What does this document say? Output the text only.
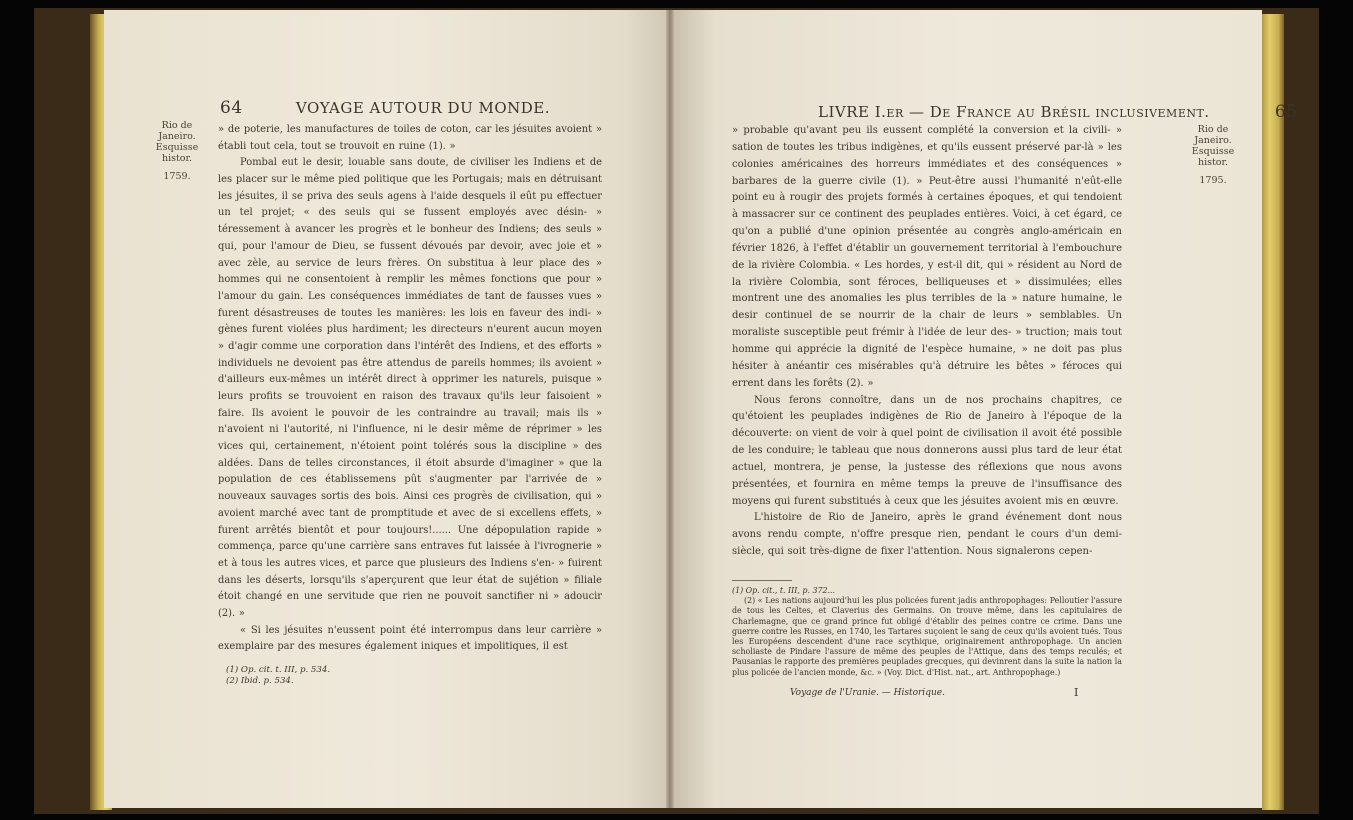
64	VOYAGE AUTOUR DU MONDE.
Rio de Janeiro.
Esquisse histor.
1759.

» de poterie, les manufactures de toiles de coton, car les jésuites avoient » établi tout cela, tout se trouvoit en ruine (1). »

Pombal eut le desir, louable sans doute, de civiliser les Indiens et de les placer sur le même pied politique que les Portugais; mais en détruisant les jésuites, il se priva des seuls agens à l'aide desquels il eût pu effectuer un tel projet; « des seuls qui se fussent employés avec désin- » téressement à avancer les progrès et le bonheur des Indiens; des seuls » qui, pour l'amour de Dieu, se fussent dévoués par devoir, avec joie et » avec zèle, au service de leurs frères. On substitua à leur place des » hommes qui ne consentoient à remplir les mêmes fonctions que pour » l'amour du gain. Les conséquences immédiates de tant de fausses vues » furent désastreuses de toutes les manières: les lois en faveur des indi- » gènes furent violées plus hardiment; les directeurs n'eurent aucun moyen » d'agir comme une corporation dans l'intérêt des Indiens, et des efforts » individuels ne devoient pas être attendus de pareils hommes; ils avoient » d'ailleurs eux-mêmes un intérêt direct à opprimer les naturels, puisque » leurs profits se trouvoient en raison des travaux qu'ils leur faisoient » faire. Ils avoient le pouvoir de les contraindre au travail; mais ils » n'avoient ni l'autorité, ni l'influence, ni le desir même de réprimer » les vices qui, certainement, n'étoient point tolérés sous la discipline » des aldées. Dans de telles circonstances, il étoit absurde d'imaginer » que la population de ces établissemens pût s'augmenter par l'arrivée de » nouveaux sauvages sortis des bois. Ainsi ces progrès de civilisation, qui » avoient marché avec tant de promptitude et avec de si excellens effets, » furent arrêtés bientôt et pour toujours!...... Une dépopulation rapide » commença, parce qu'une carrière sans entraves fut laissée à l'ivrognerie » et à tous les autres vices, et parce que plusieurs des Indiens s'en- » fuirent dans les déserts, lorsqu'ils s'aperçurent que leur état de sujétion » filiale étoit changé en une servitude que rien ne pouvoit sanctifier ni » adoucir (2). »

« Si les jésuites n'eussent point été interrompus dans leur carrière » exemplaire par des mesures également iniques et impolitiques, il est

(1) Op. cit. t. III, p. 534.

(2) Ibid. p. 534.

LIVRE I.er — De France au Brésil inclusivement.	65
Rio de Janeiro.
Esquisse histor.
1795.

» probable qu'avant peu ils eussent complété la conversion et la civili- » sation de toutes les tribus indigènes, et qu'ils eussent préservé par-là » les colonies américaines des horreurs immédiates et des conséquences » barbares de la guerre civile (1). » Peut-être aussi l'humanité n'eût-elle point eu à rougir des projets formés à certaines époques, et qui tendoient à massacrer sur ce continent des peuplades entières. Voici, à cet égard, ce qu'on a publié d'une opinion présentée au congrès anglo-américain en février 1826, à l'effet d'établir un gouvernement territorial à l'embouchure de la rivière Colombia. « Les hordes, y est-il dit, qui » résident au Nord de la rivière Colombia, sont féroces, belliqueuses et » dissimulées; elles montrent une des anomalies les plus terribles de la » nature humaine, le desir continuel de se nourrir de la chair de leurs » semblables. Un moraliste susceptible peut frémir à l'idée de leur des- » truction; mais tout homme qui apprécie la dignité de l'espèce humaine, » ne doit pas plus hésiter à anéantir ces misérables qu'à détruire les bêtes » féroces qui errent dans les forêts (2). »

Nous ferons connoître, dans un de nos prochains chapitres, ce qu'étoient les peuplades indigènes de Rio de Janeiro à l'époque de la découverte: on vient de voir à quel point de civilisation il avoit été possible de les conduire; le tableau que nous donnerons aussi plus tard de leur état actuel, montrera, je pense, la justesse des réflexions que nous avons présentées, et fournira en même temps la preuve de l'insuffisance des moyens qui furent substitués à ceux que les jésuites avoient mis en œuvre.

L'histoire de Rio de Janeiro, après le grand événement dont nous avons rendu compte, n'offre presque rien, pendant le cours d'un demi-siècle, qui soit très-digne de fixer l'attention. Nous signalerons cepen-

(1) Op. cit., t. III, p. 372...

(2) « Les nations aujourd'hui les plus policées furent jadis anthropophages: Pelloutier l'assure de tous les Celtes, et Claverius des Germains. On trouve même, dans les capitulaires de Charlemagne, que ce grand prince fut obligé d'établir des peines contre ce crime. Dans une guerre contre les Russes, en 1740, les Tartares suçoient le sang de ceux qu'ils avoient tués. Tous les Européens descendent d'une race scythique, originairement anthropophage. Un ancien scholiaste de Pindare l'assure de même des peuples de l'Attique, dans des temps reculés; et Pausanias le rapporte des premières peuplades grecques, qui devinrent dans la suite la nation la plus policée de l'ancien monde, &c. » (Voy. Dict. d'Hist. nat., art. Anthropophage.)

Voyage de l'Uranie. — Historique.	I
